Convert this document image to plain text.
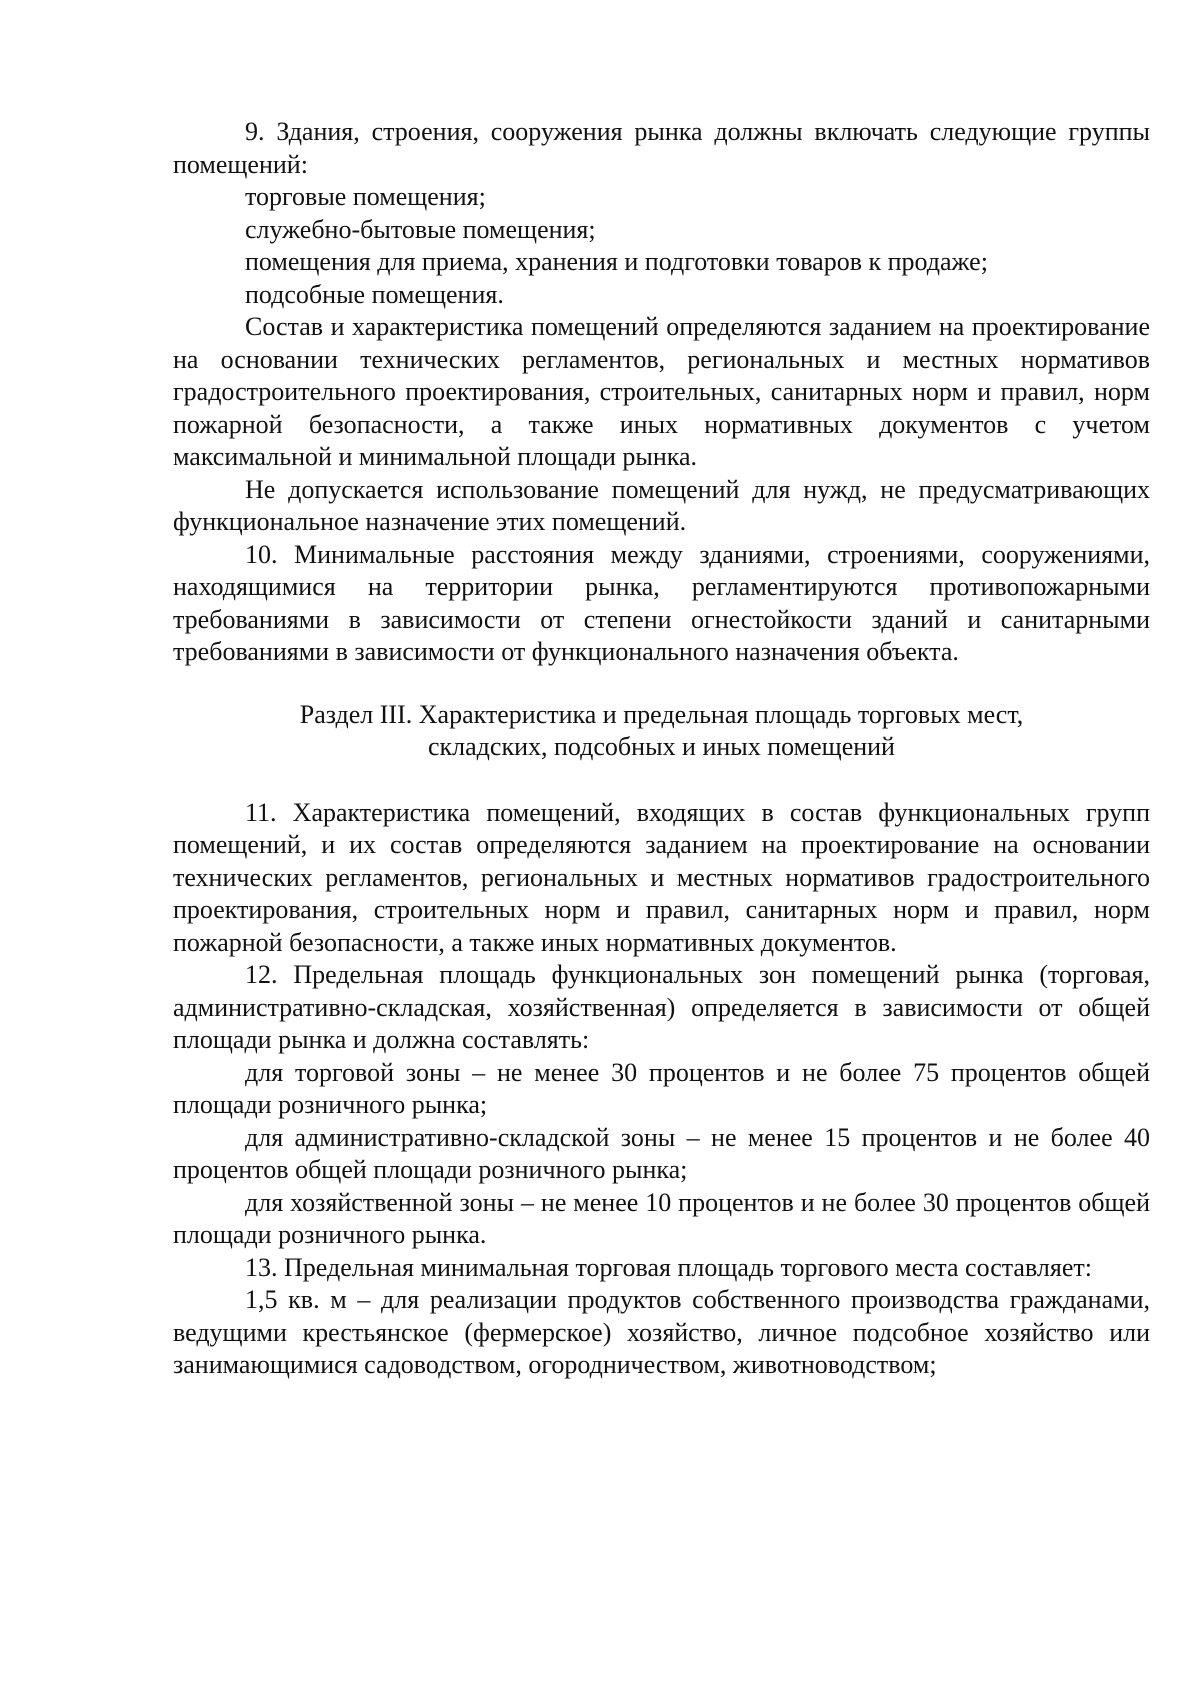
9. Здания, строения, сооружения рынка должны включать следующие группы помещений:

торговые помещения;

служебно-бытовые помещения;

помещения для приема, хранения и подготовки товаров к продаже;

подсобные помещения.

Состав и характеристика помещений определяются заданием на проектирование на основании технических регламентов, региональных и местных нормативов градостроительного проектирования, строительных, санитарных норм и правил, норм пожарной безопасности, а также иных нормативных документов с учетом максимальной и минимальной площади рынка.

Не допускается использование помещений для нужд, не предусматривающих функциональное назначение этих помещений.

10. Минимальные расстояния между зданиями, строениями, сооружениями, находящимися на территории рынка, регламентируются противопожарными требованиями в зависимости от степени огнестойкости зданий и санитарными требованиями в зависимости от функционального назначения объекта.

Раздел III. Характеристика и предельная площадь торговых мест,
складских, подсобных и иных помещений

11. Характеристика помещений, входящих в состав функциональных групп помещений, и их состав определяются заданием на проектирование на основании технических регламентов, региональных и местных нормативов градостроительного проектирования, строительных норм и правил, санитарных норм и правил, норм пожарной безопасности, а также иных нормативных документов.

12. Предельная площадь функциональных зон помещений рынка (торговая, административно-складская, хозяйственная) определяется в зависимости от общей площади рынка и должна составлять:

для торговой зоны – не менее 30 процентов и не более 75 процентов общей площади розничного рынка;

для административно-складской зоны – не менее 15 процентов и не более 40 процентов общей площади розничного рынка;

для хозяйственной зоны – не менее 10 процентов и не более 30 процентов общей площади розничного рынка.

13. Предельная минимальная торговая площадь торгового места составляет:

1,5 кв. м – для реализации продуктов собственного производства гражданами, ведущими крестьянское (фермерское) хозяйство, личное подсобное хозяйство или занимающимися садоводством, огородничеством, животноводством;
